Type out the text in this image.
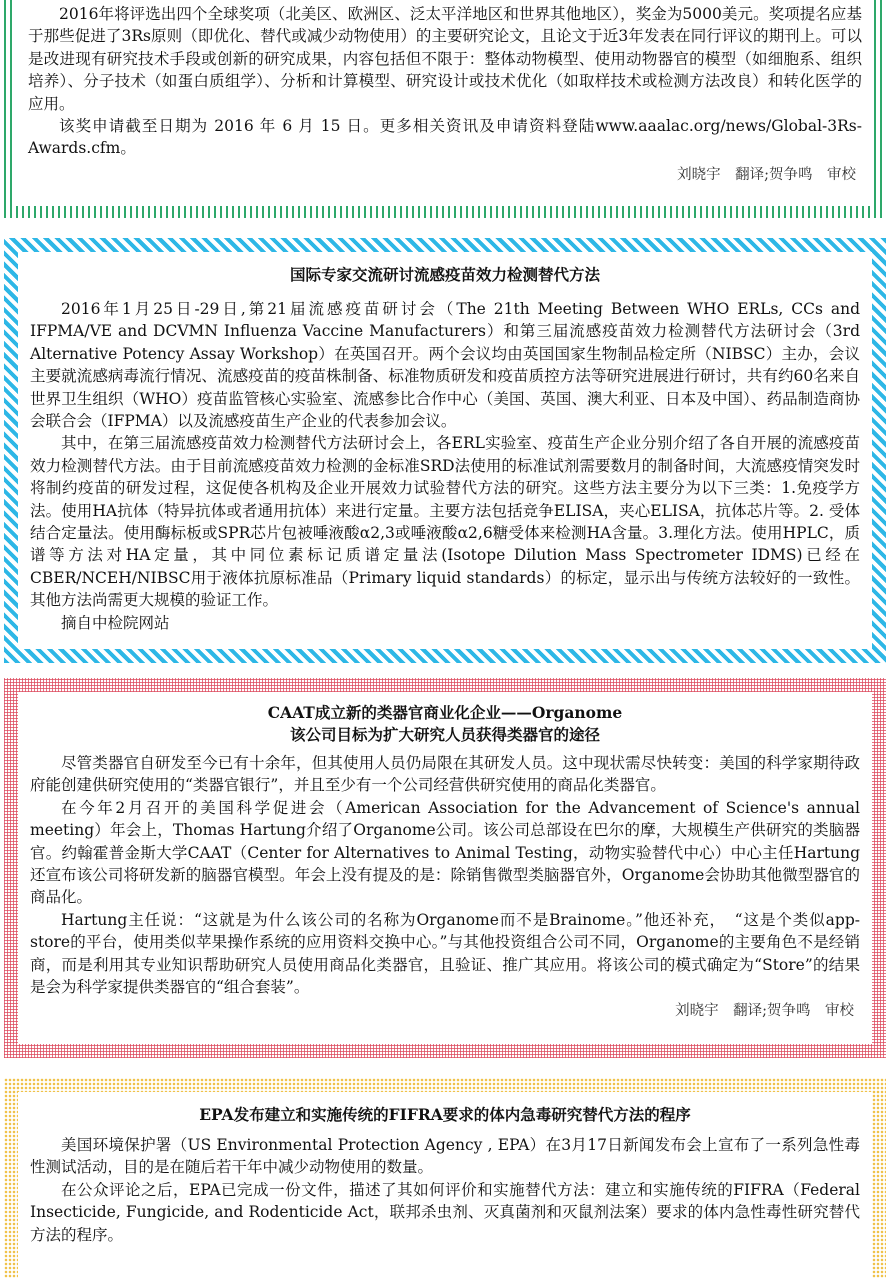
2016年将评选出四个全球奖项（北美区、欧洲区、泛太平洋地区和世界其他地区），奖金为5000美元。奖项提名应基于那些促进了3Rs原则（即优化、替代或减少动物使用）的主要研究论文，且论文于近3年发表在同行评议的期刊上。可以是改进现有研究技术手段或创新的研究成果，内容包括但不限于：整体动物模型、使用动物器官的模型（如细胞系、组织培养）、分子技术（如蛋白质组学）、分析和计算模型、研究设计或技术优化（如取样技术或检测方法改良）和转化医学的应用。

该奖申请截至日期为 2016 年 6 月 15 日。更多相关资讯及申请资料登陆www.aaalac.org/news/Global-3Rs-Awards.cfm。

刘晓宇　翻译;贺争鸣　审校
国际专家交流研讨流感疫苗效力检测替代方法

2016年1月25日-29日,第21届流感疫苗研讨会（The 21th Meeting Between WHO ERLs, CCs and IFPMA/VE and DCVMN Influenza Vaccine Manufacturers）和第三届流感疫苗效力检测替代方法研讨会（3rd Alternative Potency Assay Workshop）在英国召开。两个会议均由英国国家生物制品检定所（NIBSC）主办，会议主要就流感病毒流行情况、流感疫苗的疫苗株制备、标准物质研发和疫苗质控方法等研究进展进行研讨，共有约60名来自世界卫生组织（WHO）疫苗监管核心实验室、流感参比合作中心（美国、英国、澳大利亚、日本及中国）、药品制造商协会联合会（IFPMA）以及流感疫苗生产企业的代表参加会议。

其中，在第三届流感疫苗效力检测替代方法研讨会上，各ERL实验室、疫苗生产企业分别介绍了各自开展的流感疫苗效力检测替代方法。由于目前流感疫苗效力检测的金标准SRD法使用的标准试剂需要数月的制备时间，大流感疫情突发时将制约疫苗的研发过程，这促使各机构及企业开展效力试验替代方法的研究。这些方法主要分为以下三类：1.免疫学方法。使用HA抗体（特异抗体或者通用抗体）来进行定量。主要方法包括竞争ELISA，夹心ELISA，抗体芯片等。2. 受体结合定量法。使用酶标板或SPR芯片包被唾液酸α2,3或唾液酸α2,6糖受体来检测HA含量。3.理化方法。使用HPLC，质谱等方法对HA定量，其中同位素标记质谱定量法(Isotope Dilution Mass Spectrometer IDMS)已经在CBER/NCEH/NIBSC用于液体抗原标准品（Primary liquid standards）的标定，显示出与传统方法较好的一致性。其他方法尚需更大规模的验证工作。

摘自中检院网站

CAAT成立新的类器官商业化企业——Organome
该公司目标为扩大研究人员获得类器官的途径

尽管类器官自研发至今已有十余年，但其使用人员仍局限在其研发人员。这中现状需尽快转变：美国的科学家期待政府能创建供研究使用的“类器官银行”，并且至少有一个公司经营供研究使用的商品化类器官。

在今年2月召开的美国科学促进会（American Association for the Advancement of Science's annual meeting）年会上，Thomas Hartung介绍了Organome公司。该公司总部设在巴尔的摩，大规模生产供研究的类脑器官。约翰霍普金斯大学CAAT（Center for Alternatives to Animal Testing，动物实验替代中心）中心主任Hartung还宣布该公司将研发新的脑器官模型。年会上没有提及的是：除销售微型类脑器官外，Organome会协助其他微型器官的商品化。

Hartung主任说：“这就是为什么该公司的名称为Organome而不是Brainome。”他还补充，　“这是个类似app-store的平台，使用类似苹果操作系统的应用资料交换中心。”与其他投资组合公司不同，Organome的主要角色不是经销商，而是利用其专业知识帮助研究人员使用商品化类器官，且验证、推广其应用。将该公司的模式确定为“Store”的结果是会为科学家提供类器官的“组合套装”。

刘晓宇　翻译;贺争鸣　审校
EPA发布建立和实施传统的FIFRA要求的体内急毒研究替代方法的程序

美国环境保护署（US Environmental Protection Agency , EPA）在3月17日新闻发布会上宣布了一系列急性毒性测试活动，目的是在随后若干年中减少动物使用的数量。

在公众评论之后，EPA已完成一份文件，描述了其如何评价和实施替代方法：建立和实施传统的FIFRA（Federal Insecticide, Fungicide, and Rodenticide Act，联邦杀虫剂、灭真菌剂和灭鼠剂法案）要求的体内急性毒性研究替代方法的程序。
